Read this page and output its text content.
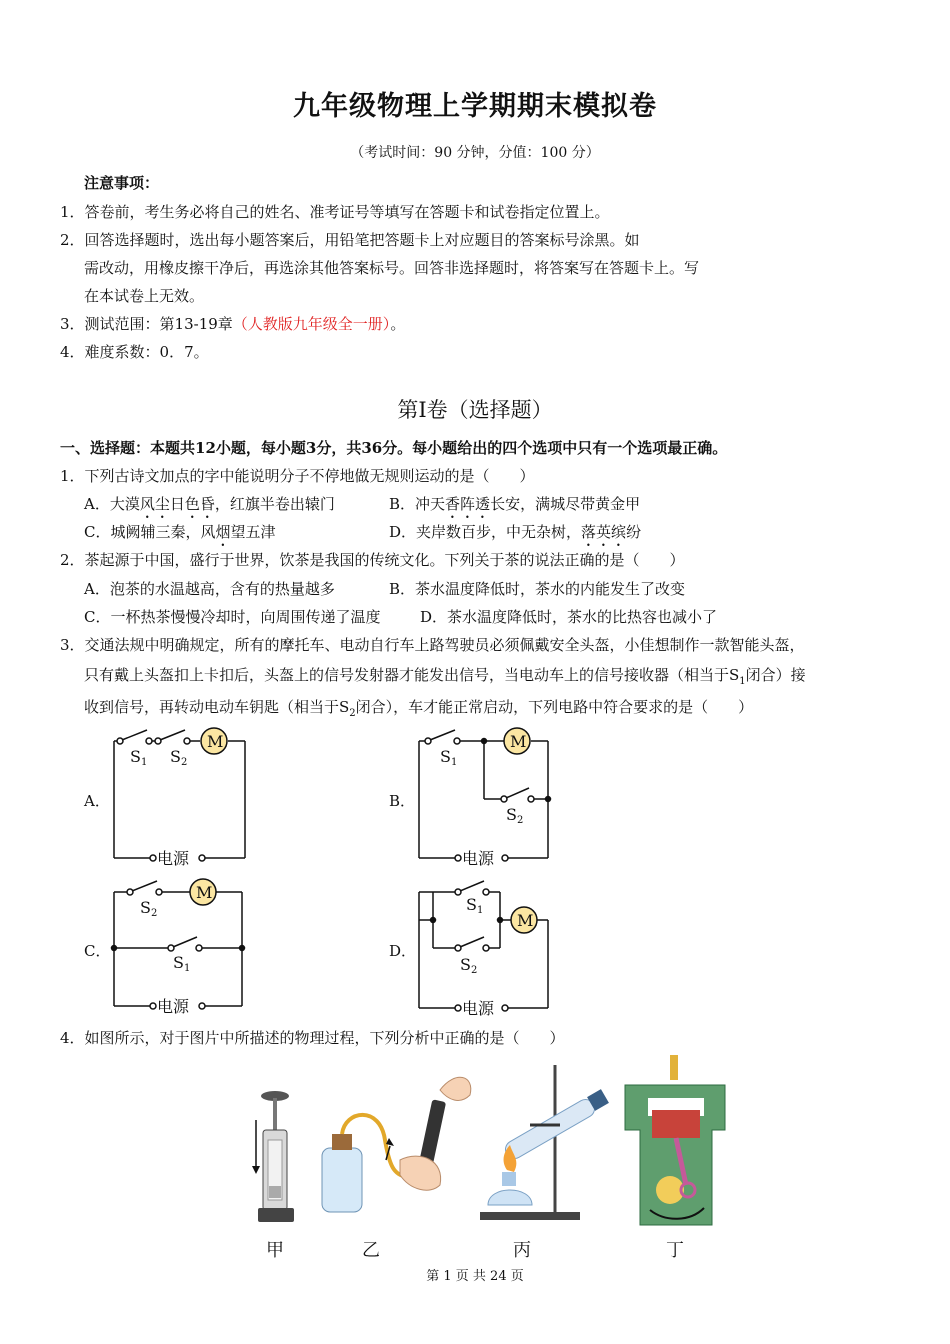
九年级物理上学期期末模拟卷
（考试时间：90 分钟，分值：100 分）
注意事项：
1．答卷前，考生务必将自己的姓名、准考证号等填写在答题卡和试卷指定位置上。
2．回答选择题时，选出每小题答案后，用铅笔把答题卡上对应题目的答案标号涂黑。如
需改动，用橡皮擦干净后，再选涂其他答案标号。回答非选择题时，将答案写在答题卡上。写
在本试卷上无效。
3．测试范围：第13-19章（人教版九年级全一册）。
4．难度系数：0．7。
第I卷（选择题）
一、选择题：本题共12小题，每小题3分，共36分。每小题给出的四个选项中只有一个选项最正确。
1．下列古诗文加点的字中能说明分子不停地做无规则运动的是（　　）
A．大漠风尘日色昏，红旗半卷出辕门	B．冲天香阵透长安，满城尽带黄金甲
C．城阙辅三秦，风烟望五津	D．夹岸数百步，中无杂树，落英缤纷
2．茶起源于中国，盛行于世界，饮茶是我国的传统文化。下列关于茶的说法正确的是（　　）
A．泡茶的水温越高，含有的热量越多	B．茶水温度降低时，茶水的内能发生了改变
C．一杯热茶慢慢冷却时，向周围传递了温度	D．茶水温度降低时，茶水的比热容也减小了
3．交通法规中明确规定，所有的摩托车、电动自行车上路驾驶员必须佩戴安全头盔，小佳想制作一款智能头盔，
只有戴上头盔扣上卡扣后，头盔上的信号发射器才能发出信号，当电动车上的信号接收器（相当于$S_1$闭合）接
收到信号，再转动电动车钥匙（相当于$S_2$闭合），车才能正常启动，下列电路中符合要求的是（　　）
A．	B．
C．	D．
M	M
M
M
S1 S2	S1
S2
S2
S1
S1
S2
电源	电源
电源	电源
4．如图所示，对于图片中所描述的物理过程，下列分析中正确的是（　　）
甲	乙	丙	丁
第 1 页 共 24 页
